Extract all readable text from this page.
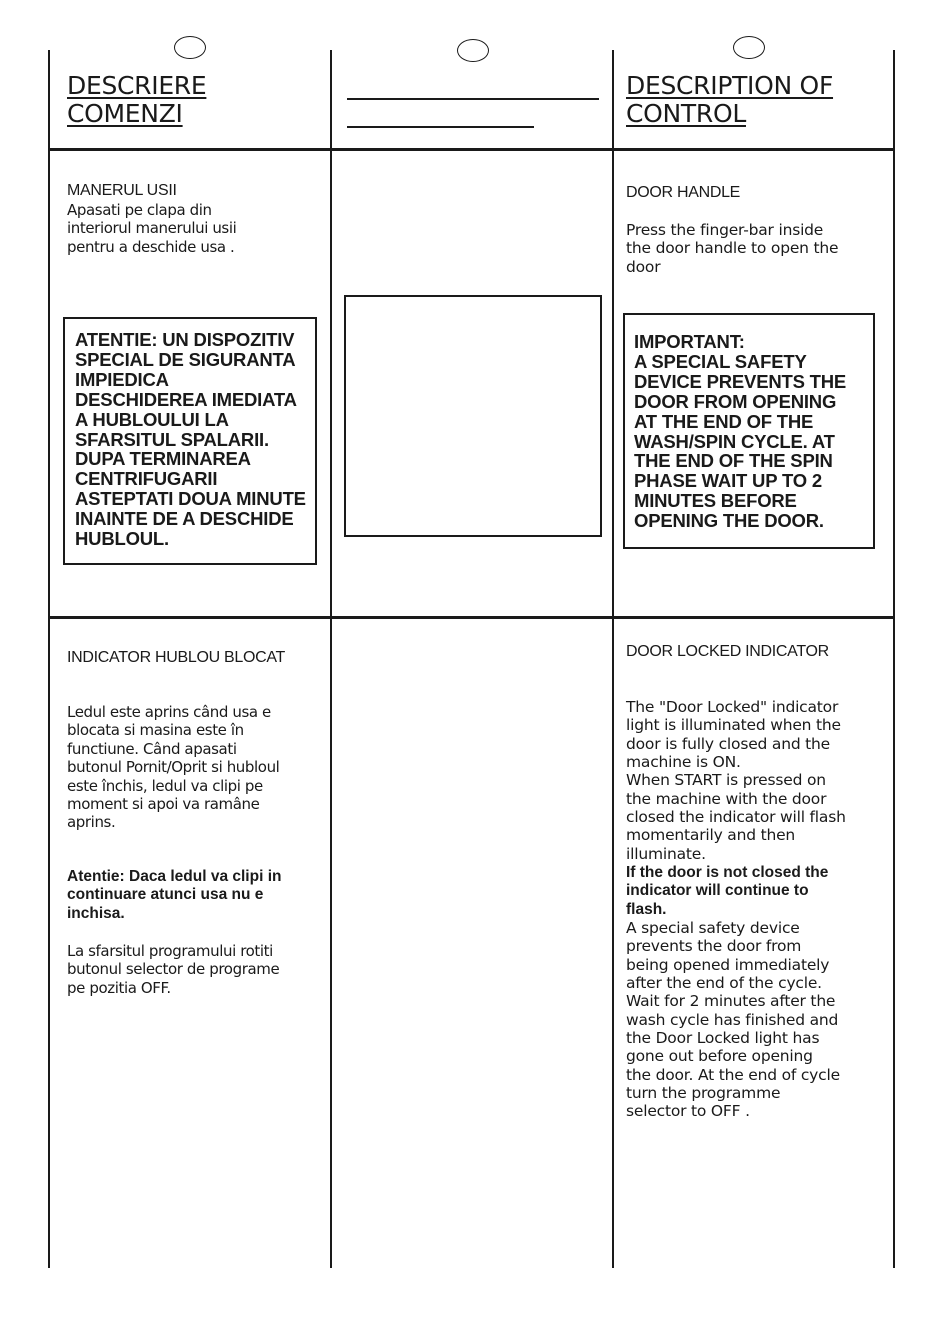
DESCRIERE
COMENZI
DESCRIPTION OF
CONTROL
MANERUL USII
Apasati pe clapa din
interiorul manerului usii
pentru a deschide usa .
ATENTIE: UN DISPOZITIV
SPECIAL DE SIGURANTA
IMPIEDICA
DESCHIDEREA IMEDIATA
A HUBLOULUI LA
SFARSITUL SPALARII.
DUPA TERMINAREA
CENTRIFUGARII
ASTEPTATI DOUA MINUTE
INAINTE DE A DESCHIDE
HUBLOUL.
DOOR HANDLE
Press the finger-bar inside
the door handle to open the
door
IMPORTANT:
A SPECIAL SAFETY
DEVICE PREVENTS THE
DOOR FROM OPENING
AT THE END OF THE
WASH/SPIN CYCLE. AT
THE END OF THE SPIN
PHASE WAIT UP TO 2
MINUTES BEFORE
OPENING THE DOOR.
INDICATOR HUBLOU BLOCAT
Ledul este aprins când usa e
blocata si masina este în
functiune. Când apasati
butonul Pornit/Oprit si hubloul
este închis, ledul va clipi pe
moment si apoi va ramâne
aprins.
Atentie: Daca ledul va clipi in
continuare atunci usa nu e
inchisa.
La sfarsitul programului rotiti
butonul selector de programe
pe pozitia OFF.
DOOR LOCKED INDICATOR
The "Door Locked" indicator
light is illuminated when the
door is fully closed and the
machine is ON.
When START is pressed on
the machine with the door
closed the indicator will flash
momentarily and then
illuminate.
If the door is not closed the
indicator will continue to
flash.
A special safety device
prevents the door from
being opened immediately
after the end of the cycle.
Wait for 2 minutes after the
wash cycle has finished and
the Door Locked light has
gone out before opening
the door. At the end of cycle
turn the programme
selector to OFF .
